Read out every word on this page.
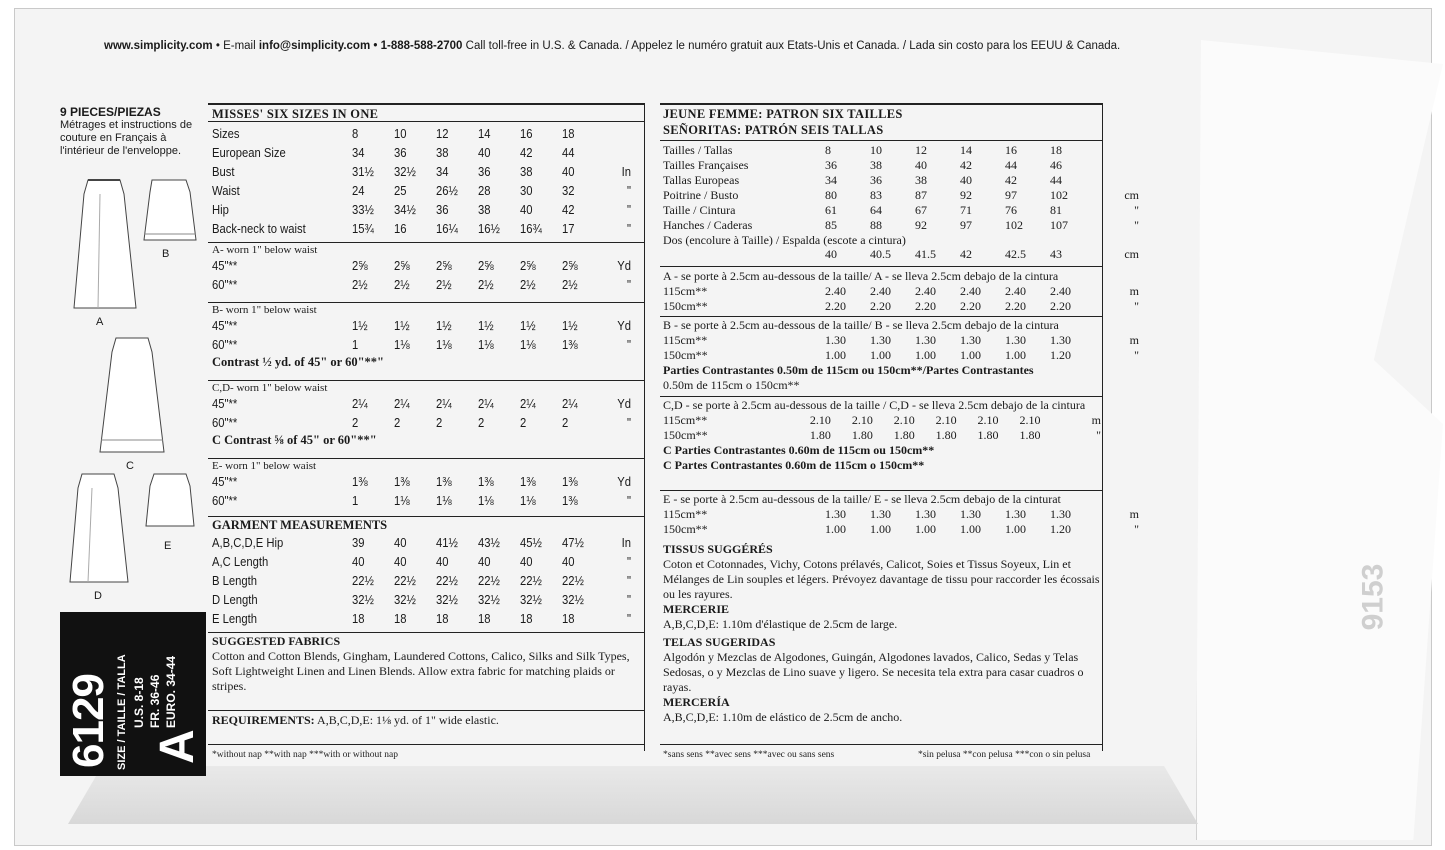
9153
www.simplicity.com • E-mail info@simplicity.com • 1-888-588-2700 Call toll-free in U.S. & Canada. / Appelez le numéro gratuit aux Etats-Unis et Canada. / Lada sin costo para los EEUU & Canada.
9 PIECES/PIEZAS
Métrages et instructions de couture en Français à l'intérieur de l'enveloppe.
A
B
C
D
E
6129 SIZE / TAILLE / TALLA A
U.S. 8-18
FR. 36-46
EURO. 34-44
MISSES' SIX SIZES IN ONE
Sizes	8	10	12	14	16	18	
European Size	34	36	38	40	42	44	
Bust	31½	32½	34	36	38	40	In
Waist	24	25	26½	28	30	32	"
Hip	33½	34½	36	38	40	42	"
Back-neck to waist	15¾	16	16¼	16½	16¾	17	"
A- worn 1" below waist
45"**	2⅝	2⅝	2⅝	2⅝	2⅝	2⅝	Yd
60"**	2½	2½	2½	2½	2½	2½	"
B- worn 1" below waist
45"**	1½	1½	1½	1½	1½	1½	Yd
60"**	1	1⅛	1⅛	1⅛	1⅛	1⅜	"
Contrast ½ yd. of 45" or 60"**"
C,D- worn 1" below waist
45"**	2¼	2¼	2¼	2¼	2¼	2¼	Yd
60"**	2	2	2	2	2	2	"
C Contrast ⅝ of 45" or 60"**"
E- worn 1" below waist
45"**	1⅜	1⅜	1⅜	1⅜	1⅜	1⅜	Yd
60"**	1	1⅛	1⅛	1⅛	1⅛	1⅜	"
GARMENT MEASUREMENTS
A,B,C,D,E Hip	39	40	41½	43½	45½	47½	In
A,C Length	40	40	40	40	40	40	"
B Length	22½	22½	22½	22½	22½	22½	"
D Length	32½	32½	32½	32½	32½	32½	"
E Length	18	18	18	18	18	18	"
SUGGESTED FABRICS
Cotton and Cotton Blends, Gingham, Laundered Cottons, Calico, Silks and Silk Types, Soft Lightweight Linen and Linen Blends. Allow extra fabric for matching plaids or stripes.
REQUIREMENTS: A,B,C,D,E: 1⅛ yd. of 1" wide elastic.
*without nap **with nap ***with or without nap
JEUNE FEMME: PATRON SIX TAILLES
SEÑORITAS: PATRÓN SEIS TALLAS
Tailles / Tallas	8	10	12	14	16	18	
Tailles Françaises	36	38	40	42	44	46	
Tallas Europeas	34	36	38	40	42	44	
Poitrine / Busto	80	83	87	92	97	102	cm
Taille / Cintura	61	64	67	71	76	81	"
Hanches / Caderas	85	88	92	97	102	107	"
Dos (encolure à Taille) / Espalda (escote a cintura)
	40	40.5	41.5	42	42.5	43	cm
A - se porte à 2.5cm au-dessous de la taille/ A - se lleva 2.5cm debajo de la cintura
115cm**	2.40	2.40	2.40	2.40	2.40	2.40	m
150cm**	2.20	2.20	2.20	2.20	2.20	2.20	"
B - se porte à 2.5cm au-dessous de la taille/ B - se lleva 2.5cm debajo de la cintura
115cm**	1.30	1.30	1.30	1.30	1.30	1.30	m
150cm**	1.00	1.00	1.00	1.00	1.00	1.20	"
Parties Contrastantes 0.50m de 115cm ou 150cm**/Partes Contrastantes
0.50m de 115cm o 150cm**
C,D - se porte à 2.5cm au-dessous de la taille / C,D - se lleva 2.5cm debajo de la cintura
115cm**	2.10	2.10	2.10	2.10	2.10	2.10	m
150cm**	1.80	1.80	1.80	1.80	1.80	1.80	"
C Parties Contrastantes 0.60m de 115cm ou 150cm**
C Partes Contrastantes 0.60m de 115cm o 150cm**
E - se porte à 2.5cm au-dessous de la taille/ E - se lleva 2.5cm debajo de la cinturat
115cm**	1.30	1.30	1.30	1.30	1.30	1.30	m
150cm**	1.00	1.00	1.00	1.00	1.00	1.20	"
TISSUS SUGGÉRÉS
Coton et Cotonnades, Vichy, Cotons prélavés, Calicot, Soies et Tissus Soyeux, Lin et Mélanges de Lin souples et légers. Prévoyez davantage de tissu pour raccorder les écossais ou les rayures.
MERCERIE
A,B,C,D,E: 1.10m d'élastique de 2.5cm de large.
TELAS SUGERIDAS
Algodón y Mezclas de Algodones, Guingán, Algodones lavados, Calico, Sedas y Telas Sedosas, o y Mezclas de Lino suave y ligero. Se necesita tela extra para casar cuadros o rayas.
MERCERÍA
A,B,C,D,E: 1.10m de elástico de 2.5cm de ancho.
*sans sens **avec sens ***avec ou sans sens	*sin pelusa **con pelusa ***con o sin pelusa
